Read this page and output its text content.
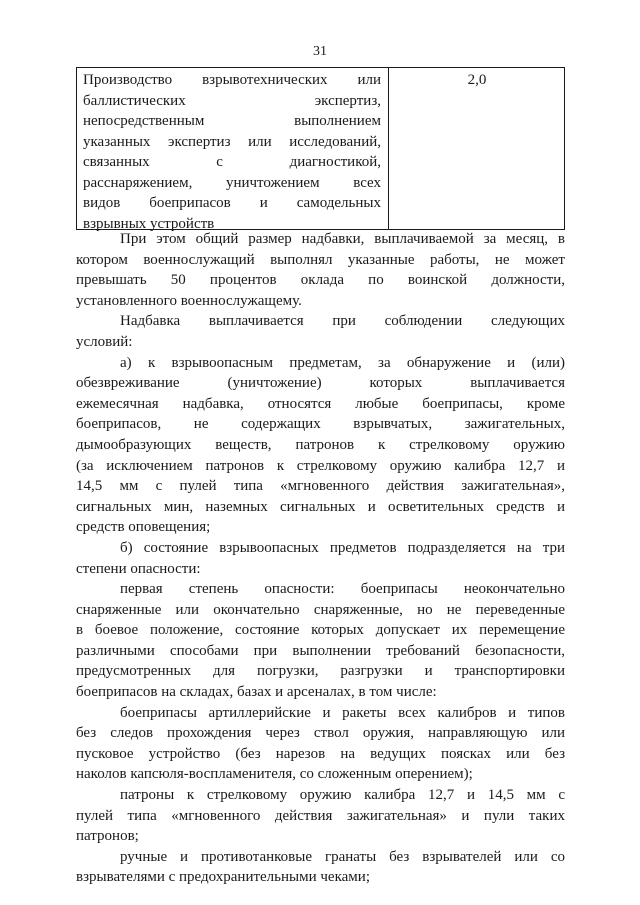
31
Производство взрывотехнических или
баллистических экспертиз,
непосредственным выполнением
указанных экспертиз или исследований,
связанных с диагностикой,
расснаряжением, уничтожением всех
видов боеприпасов и самодельных
взрывных устройств
2,0
При этом общий размер надбавки, выплачиваемой за месяц, в
котором военнослужащий выполнял указанные работы, не может
превышать 50 процентов оклада по воинской должности,
установленного военнослужащему.
Надбавка выплачивается при соблюдении следующих
условий:
а) к взрывоопасным предметам, за обнаружение и (или)
обезвреживание (уничтожение) которых выплачивается
ежемесячная надбавка, относятся любые боеприпасы, кроме
боеприпасов, не содержащих взрывчатых, зажигательных,
дымообразующих веществ, патронов к стрелковому оружию
(за исключением патронов к стрелковому оружию калибра 12,7 и
14,5 мм с пулей типа «мгновенного действия зажигательная»,
сигнальных мин, наземных сигнальных и осветительных средств и
средств оповещения;
б) состояние взрывоопасных предметов подразделяется на три
степени опасности:
первая степень опасности: боеприпасы неокончательно
снаряженные или окончательно снаряженные, но не переведенные
в боевое положение, состояние которых допускает их перемещение
различными способами при выполнении требований безопасности,
предусмотренных для погрузки, разгрузки и транспортировки
боеприпасов на складах, базах и арсеналах, в том числе:
боеприпасы артиллерийские и ракеты всех калибров и типов
без следов прохождения через ствол оружия, направляющую или
пусковое устройство (без нарезов на ведущих поясках или без
наколов капсюля-воспламенителя, со сложенным оперением);
патроны к стрелковому оружию калибра 12,7 и 14,5 мм с
пулей типа «мгновенного действия зажигательная» и пули таких
патронов;
ручные и противотанковые гранаты без взрывателей или со
взрывателями с предохранительными чеками;
